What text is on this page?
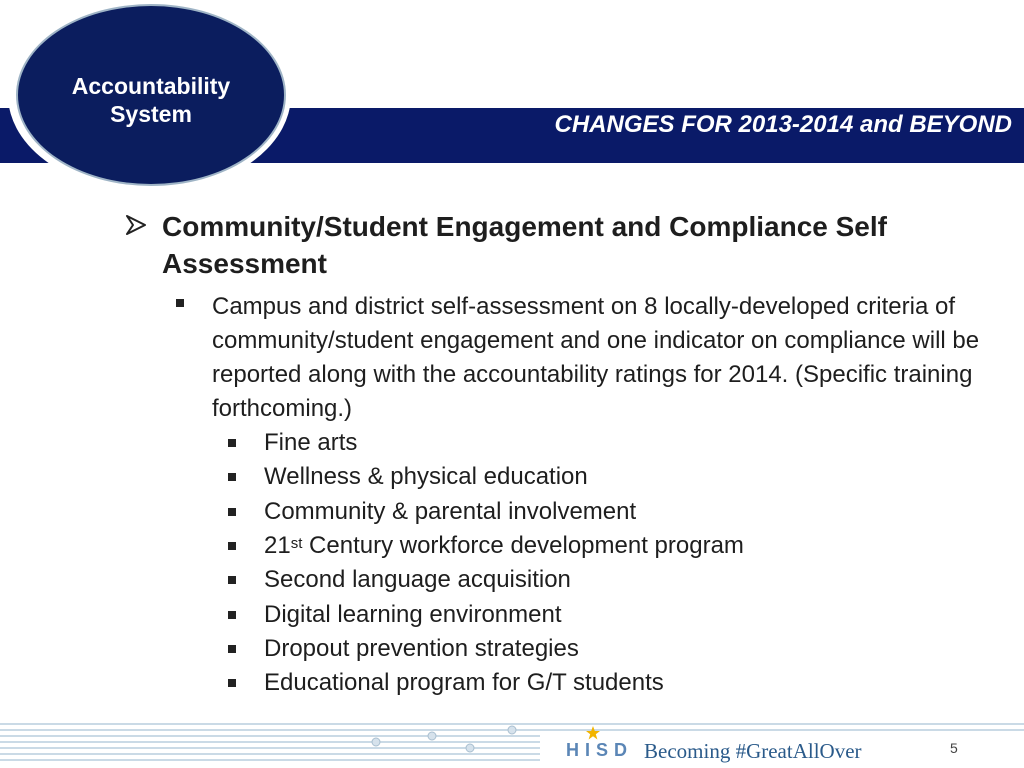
CHANGES FOR 2013-2014 and BEYOND
Accountability
System
Community/Student Engagement and Compliance Self Assessment
Campus and district self-assessment on 8 locally-developed criteria of community/student engagement and one indicator on compliance will be reported along with the accountability ratings for 2014. (Specific training forthcoming.)
Fine arts
Wellness & physical education
Community & parental involvement
21st Century workforce development program
Second language acquisition
Digital learning environment
Dropout prevention strategies
Educational program for G/T students
HISD Becoming #GreatAllOver	5
